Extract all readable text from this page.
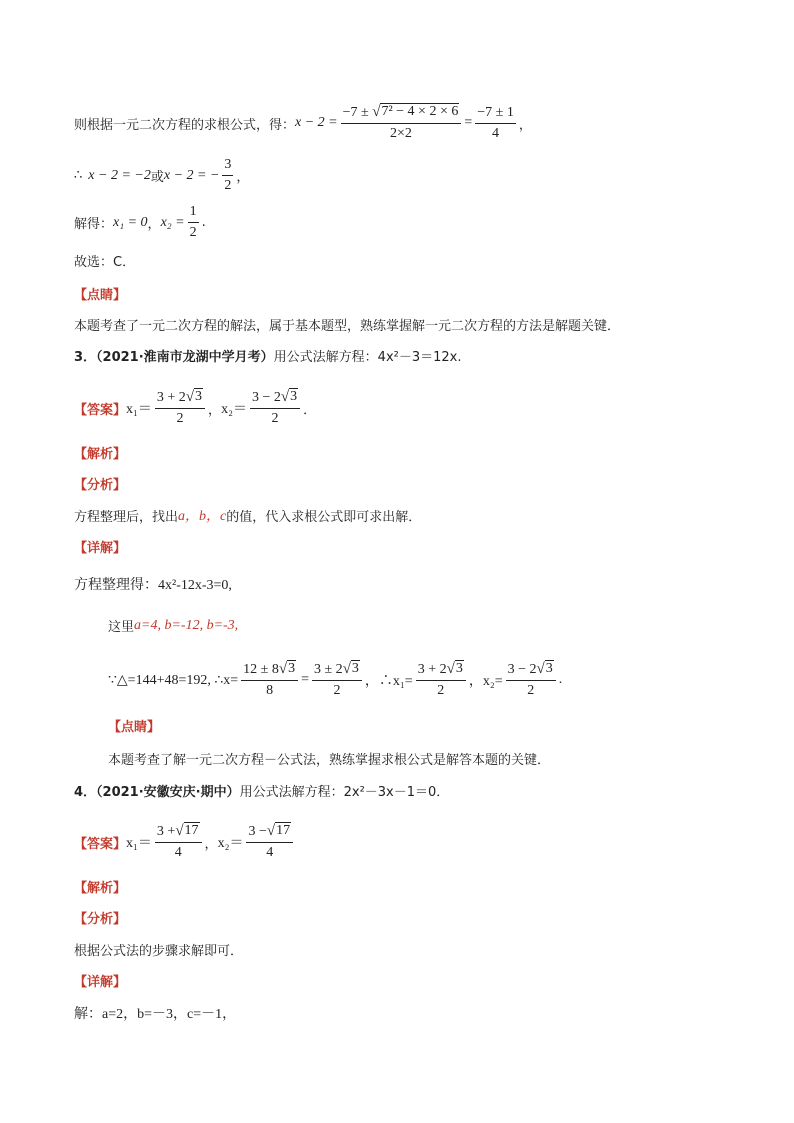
则根据一元二次方程的求根公式，得： $x - 2 = \frac{\text{−7 ± √ 7² − 4 × 2 × 6}}{2\times 2} = \frac{-7 \pm 1}{4}$ ，
∴ x − 2 = −2 或 x − 2 = − $\frac{3}{2}$ ，
解得： x₁ = 0 ， $x_2 = \frac{1}{2}$ .
故选：C．
【点睛】
本题考查了一元二次方程的解法，属于基本题型，熟练掌握解一元二次方程的方法是解题关键．
3．（2021·淮南市龙湖中学月考） 用公式法解方程：4x²－3＝12x.
【答案】 $x_1= \frac{3 + 2 √ 3}{2}$ ， $x_2= \frac{3 - 2 √ 3}{2}$ ．
【解析】
【分析】
方程整理后，找出 a，b，c 的值，代入求根公式即可求出解．
【详解】
方程整理得：4x²-12x-3=0,
这里 a=4, b=-12, b=-3,
∵△=144+48=192, ∴x= $\frac{12 \pm 8 √ 3}{8} = \frac{3 \pm 2 √ 3}{2}$ ，∴x₁= $\frac{3 + 2 √ 3}{2}$ ，$x_2= \frac{3 - 2 √ 3}{2}$ .
【点睛】
本题考查了解一元二次方程－公式法，熟练掌握求根公式是解答本题的关键．
4．（2021·安徽安庆·期中） 用公式法解方程：2x²－3x－1＝0．
【答案】 $x_1= \frac{3 + √ 17}{4}$ ， $x_2= \frac{3 - √ 17}{4}$
【解析】
【分析】
根据公式法的步骤求解即可．
【详解】
解：a=2，b=－3，c=－1，
